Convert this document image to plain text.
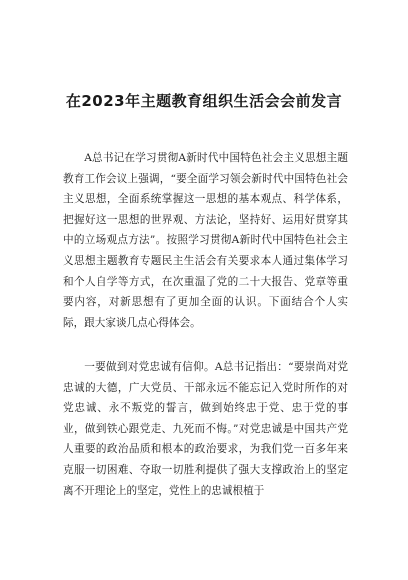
在2023年主题教育组织生活会会前发言

A总书记在学习贯彻A新时代中国特色社会主义思想主题教育工作会议上强调，“要全面学习领会新时代中国特色社会主义思想，全面系统掌握这一思想的基本观点、科学体系，把握好这一思想的世界观、方法论，坚持好、运用好贯穿其中的立场观点方法”。按照学习贯彻A新时代中国特色社会主义思想主题教育专题民主生活会有关要求本人通过集体学习和个人自学等方式，在次重温了党的二十大报告、党章等重要内容，对新思想有了更加全面的认识。下面结合个人实际，跟大家谈几点心得体会。

一要做到对党忠诚有信仰。A总书记指出：“要崇尚对党忠诚的大德，广大党员、干部永远不能忘记入党时所作的对党忠诚、永不叛党的誓言，做到始终忠于党、忠于党的事业，做到铁心跟党走、九死而不悔。”对党忠诚是中国共产党人重要的政治品质和根本的政治要求，为我们党一百多年来克服一切困难、夺取一切胜利提供了强大支撑政治上的坚定离不开理论上的坚定，党性上的忠诚根植于
